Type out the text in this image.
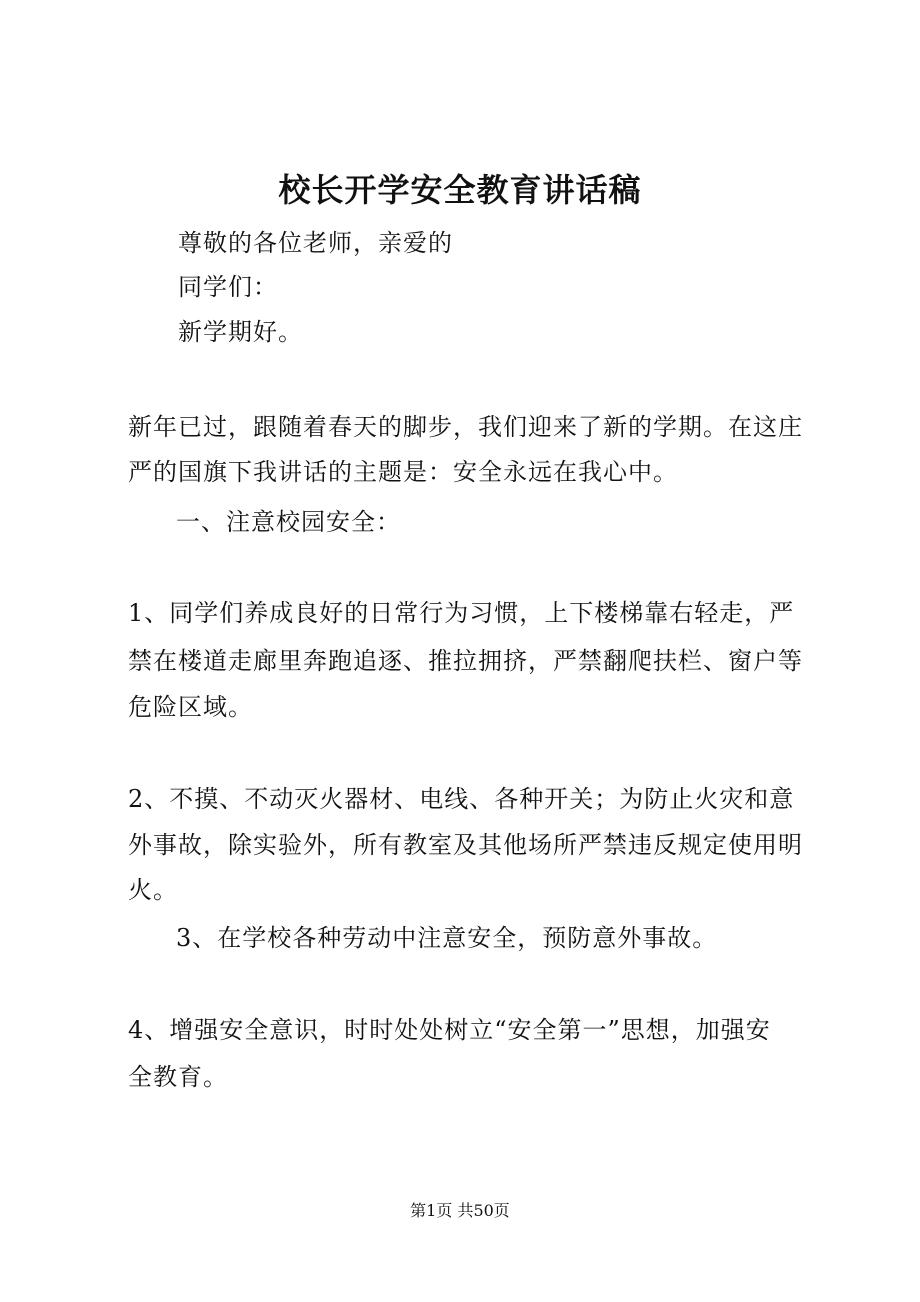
校长开学安全教育讲话稿
尊敬的各位老师，亲爱的
同学们：
新学期好。
新年已过，跟随着春天的脚步，我们迎来了新的学期。在这庄
严的国旗下我讲话的主题是：安全永远在我心中。
一、注意校园安全：
1、同学们养成良好的日常行为习惯，上下楼梯靠右轻走，严
禁在楼道走廊里奔跑追逐、推拉拥挤，严禁翻爬扶栏、窗户等
危险区域。
2、不摸、不动灭火器材、电线、各种开关；为防止火灾和意
外事故，除实验外，所有教室及其他场所严禁违反规定使用明
火。
3、在学校各种劳动中注意安全，预防意外事故。
4、增强安全意识，时时处处树立“安全第一”思想，加强安
全教育。
第1页 共50页
